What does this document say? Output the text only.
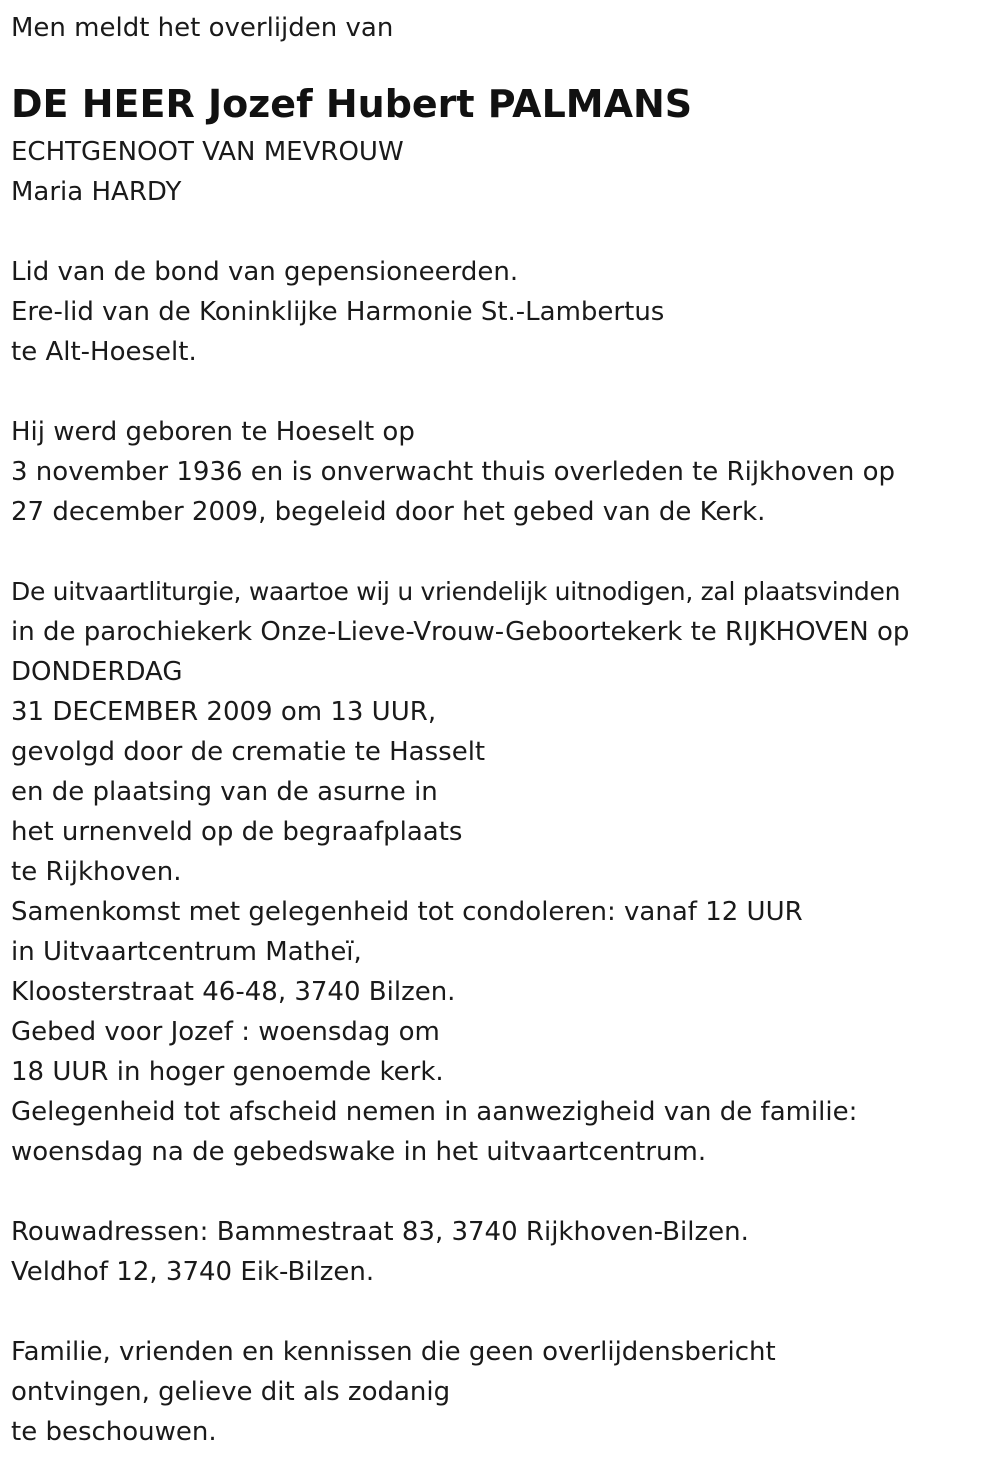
Men meldt het overlijden van
DE HEER Jozef Hubert PALMANS
ECHTGENOOT VAN MEVROUW
Maria HARDY
Lid van de bond van gepensioneerden.
Ere-lid van de Koninklijke Harmonie St.-Lambertus
te Alt-Hoeselt.
Hij werd geboren te Hoeselt op
3 november 1936 en is onverwacht thuis overleden te Rijkhoven op
27 december 2009, begeleid door het gebed van de Kerk.
De uitvaartliturgie, waartoe wij u vriendelijk uitnodigen, zal plaatsvinden
in de parochiekerk Onze-Lieve-Vrouw-Geboortekerk te RIJKHOVEN op
DONDERDAG
31 DECEMBER 2009 om 13 UUR,
gevolgd door de crematie te Hasselt
en de plaatsing van de asurne in
het urnenveld op de begraafplaats
te Rijkhoven.
Samenkomst met gelegenheid tot condoleren: vanaf 12 UUR
in Uitvaartcentrum Matheï,
Kloosterstraat 46-48, 3740 Bilzen.
Gebed voor Jozef : woensdag om
18 UUR in hoger genoemde kerk.
Gelegenheid tot afscheid nemen in aanwezigheid van de familie:
woensdag na de gebedswake in het uitvaartcentrum.
Rouwadressen: Bammestraat 83, 3740 Rijkhoven-Bilzen.
Veldhof 12, 3740 Eik-Bilzen.
Familie, vrienden en kennissen die geen overlijdensbericht
ontvingen, gelieve dit als zodanig
te beschouwen.
